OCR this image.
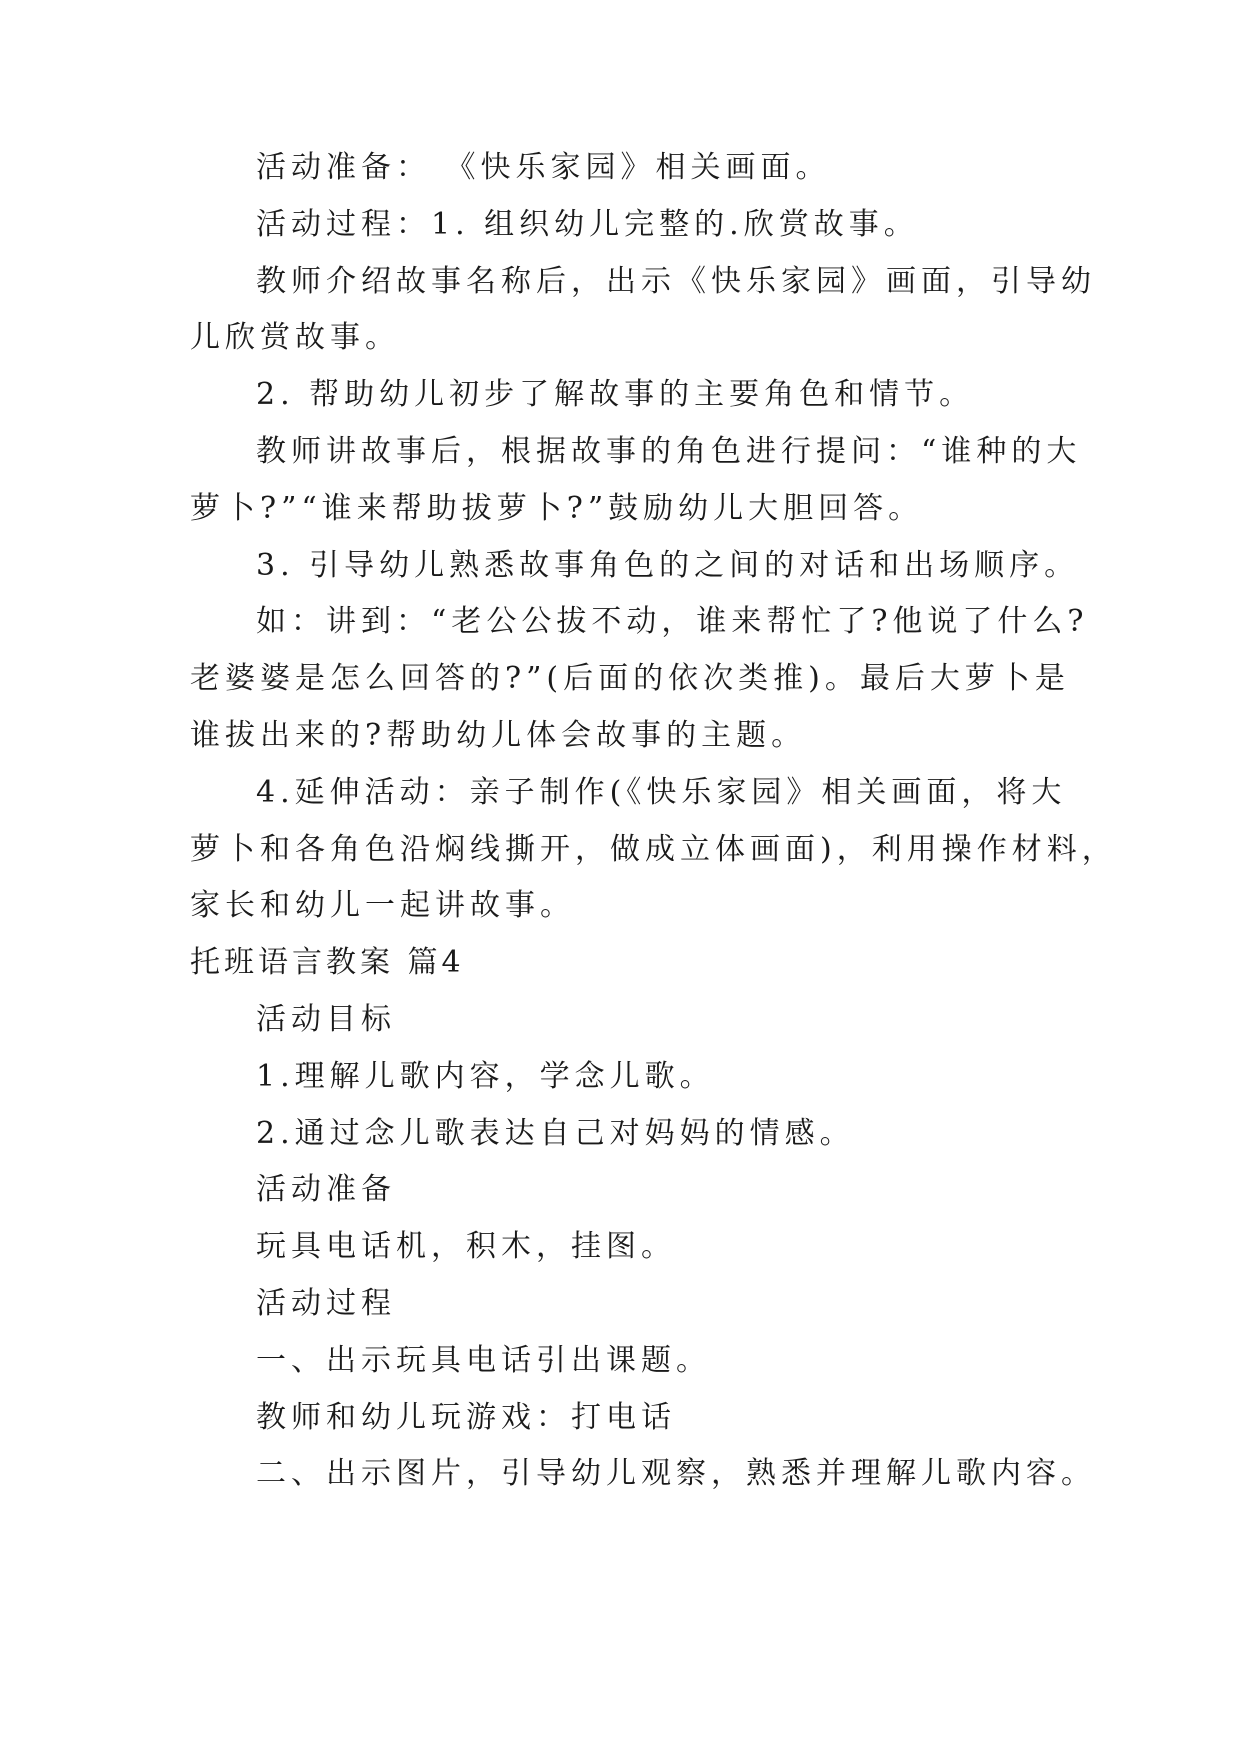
活动准备： 《快乐家园》相关画面。

活动过程：1. 组织幼儿完整的.欣赏故事。

教师介绍故事名称后，出示《快乐家园》画面，引导幼

儿欣赏故事。

2. 帮助幼儿初步了解故事的主要角色和情节。

教师讲故事后，根据故事的角色进行提问：“谁种的大

萝卜?”“谁来帮助拔萝卜?”鼓励幼儿大胆回答。

3. 引导幼儿熟悉故事角色的之间的对话和出场顺序。

如：讲到：“老公公拔不动，谁来帮忙了?他说了什么?

老婆婆是怎么回答的?”(后面的依次类推)。最后大萝卜是

谁拔出来的?帮助幼儿体会故事的主题。

4.延伸活动：亲子制作(《快乐家园》相关画面，将大

萝卜和各角色沿焖线撕开，做成立体画面)，利用操作材料，

家长和幼儿一起讲故事。

托班语言教案 篇4

活动目标

1.理解儿歌内容，学念儿歌。

2.通过念儿歌表达自己对妈妈的情感。

活动准备

玩具电话机，积木，挂图。

活动过程

一、出示玩具电话引出课题。

教师和幼儿玩游戏：打电话

二、出示图片，引导幼儿观察，熟悉并理解儿歌内容。
